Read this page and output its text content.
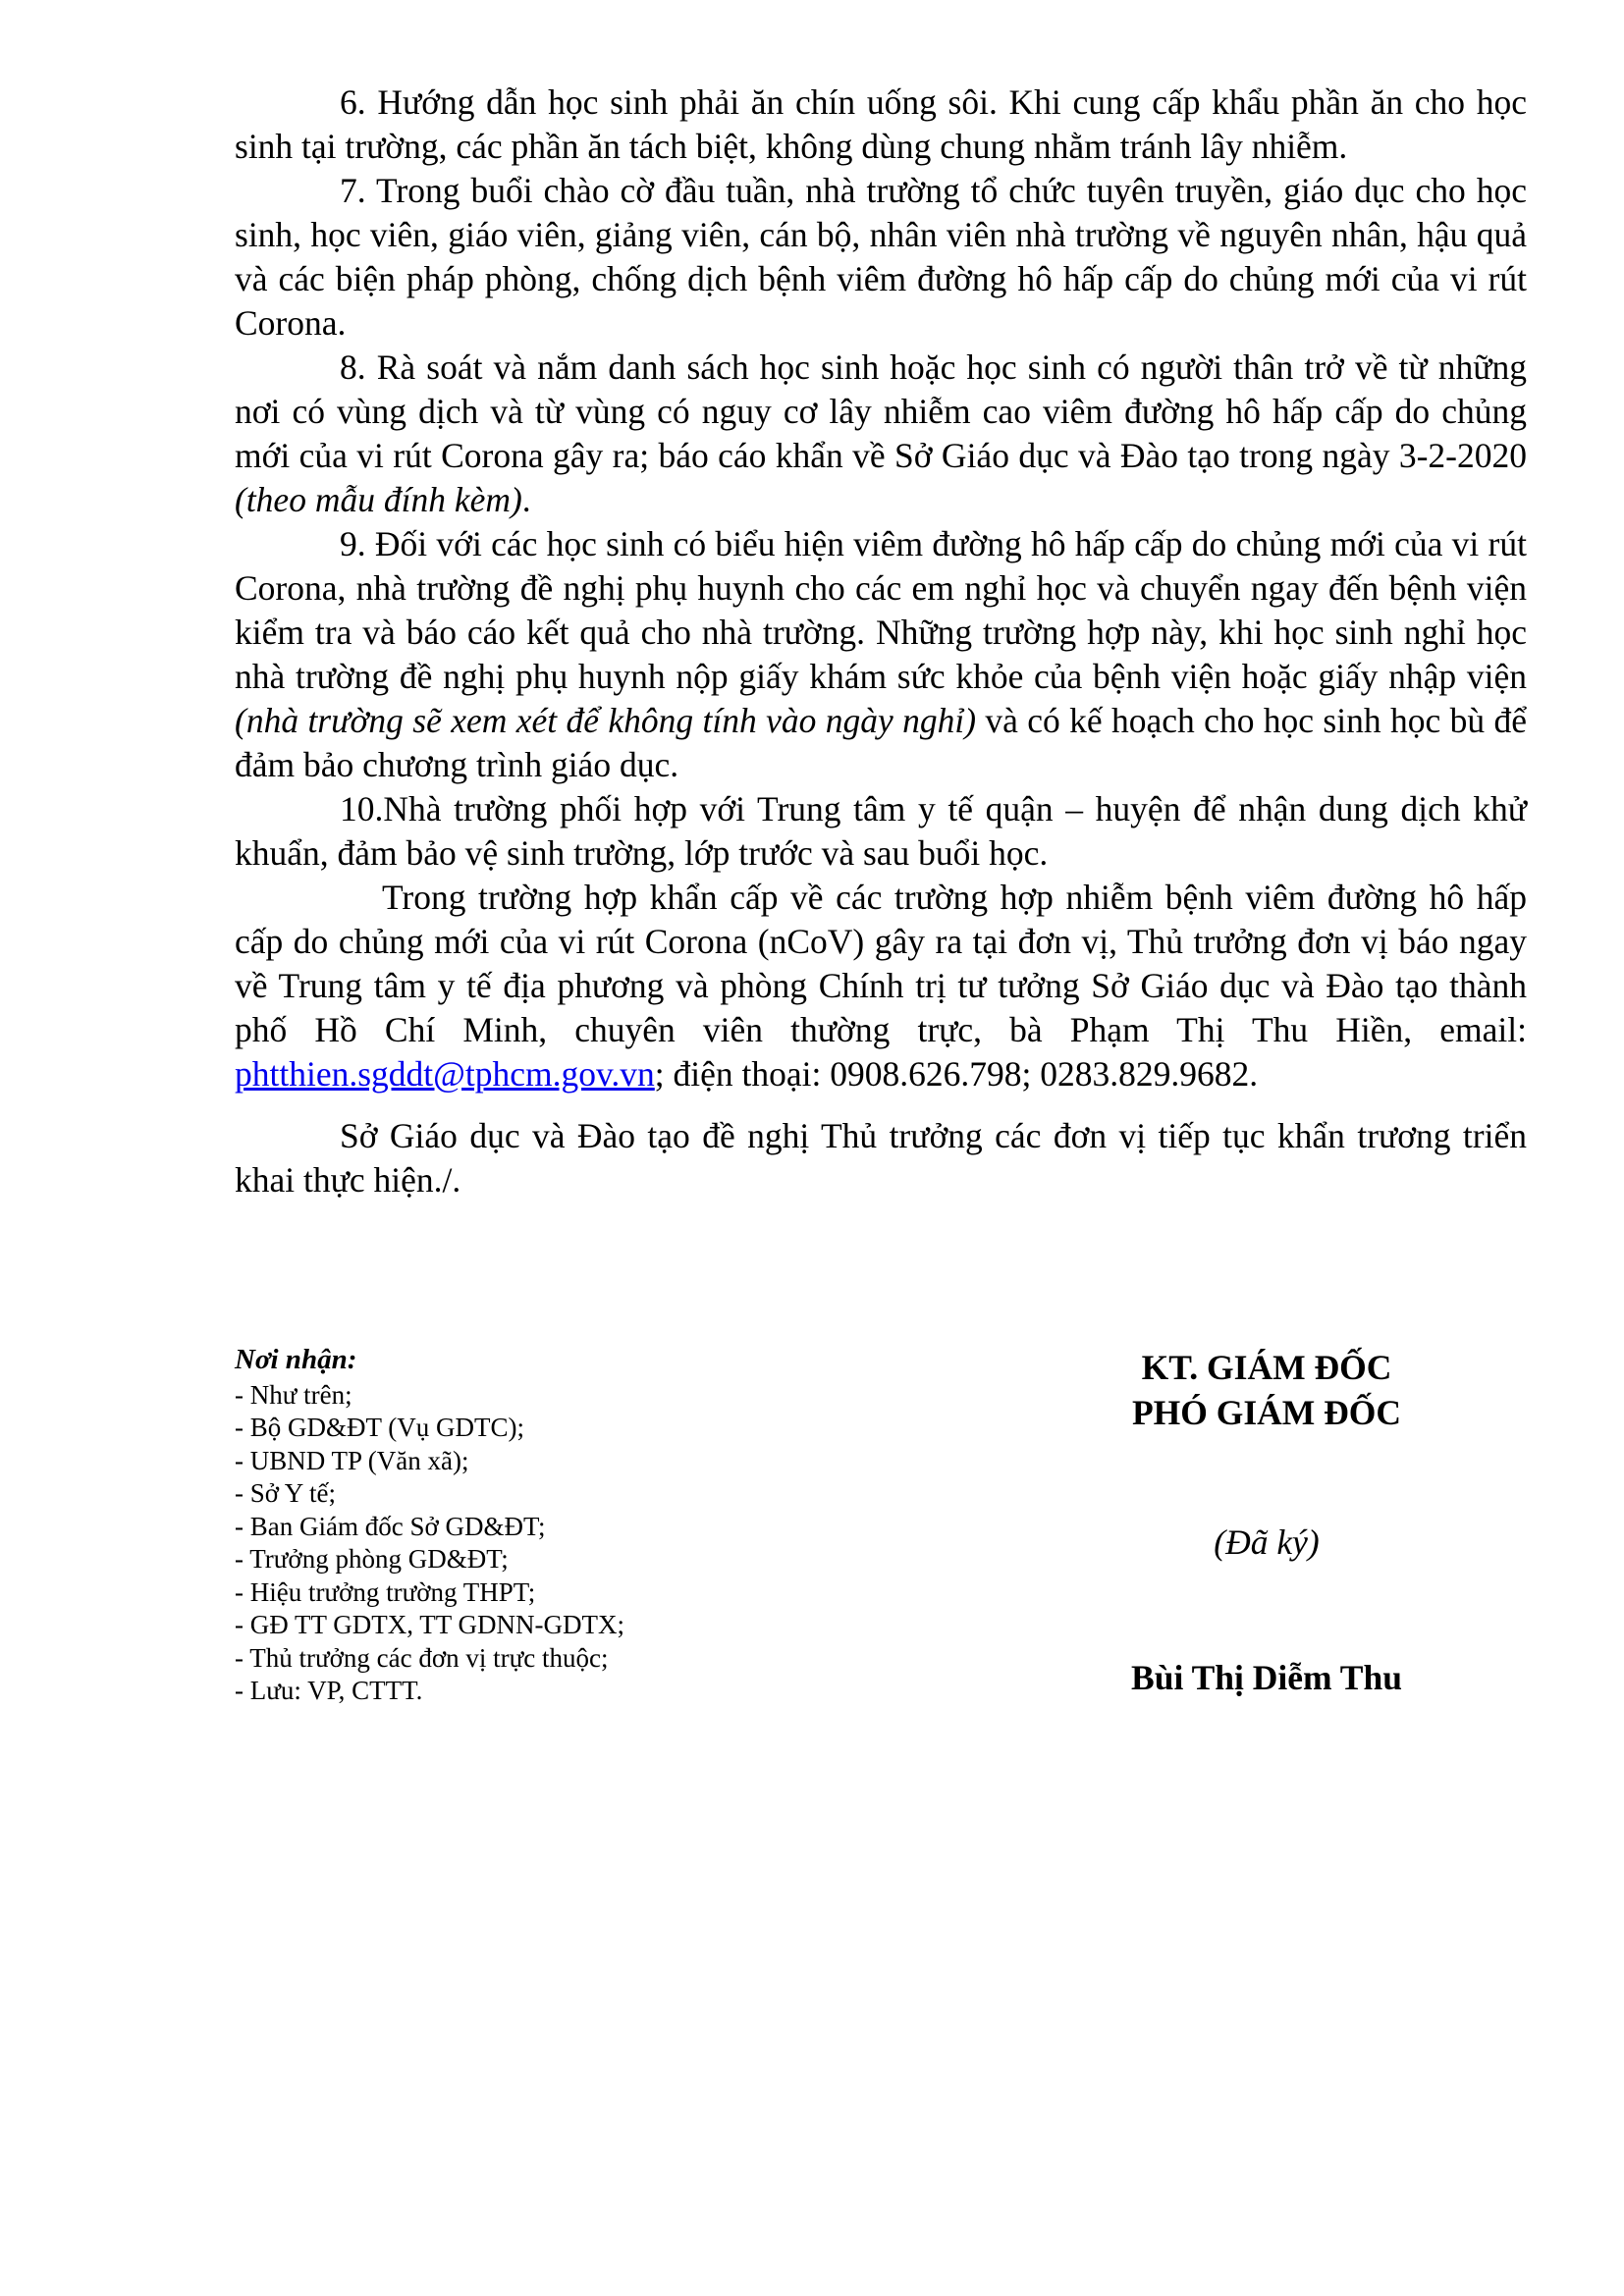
6. Hướng dẫn học sinh phải ăn chín uống sôi. Khi cung cấp khẩu phần ăn cho học sinh tại trường, các phần ăn tách biệt, không dùng chung nhằm tránh lây nhiễm.

7. Trong buổi chào cờ đầu tuần, nhà trường tổ chức tuyên truyền, giáo dục cho học sinh, học viên, giáo viên, giảng viên, cán bộ, nhân viên nhà trường về nguyên nhân, hậu quả và các biện pháp phòng, chống dịch bệnh viêm đường hô hấp cấp do chủng mới của vi rút Corona.

8. Rà soát và nắm danh sách học sinh hoặc học sinh có người thân trở về từ những nơi có vùng dịch và từ vùng có nguy cơ lây nhiễm cao viêm đường hô hấp cấp do chủng mới của vi rút Corona gây ra; báo cáo khẩn về Sở Giáo dục và Đào tạo trong ngày 3-2-2020 (theo mẫu đính kèm).

9. Đối với các học sinh có biểu hiện viêm đường hô hấp cấp do chủng mới của vi rút Corona, nhà trường đề nghị phụ huynh cho các em nghỉ học và chuyển ngay đến bệnh viện kiểm tra và báo cáo kết quả cho nhà trường. Những trường hợp này, khi học sinh nghỉ học nhà trường đề nghị phụ huynh nộp giấy khám sức khỏe của bệnh viện hoặc giấy nhập viện (nhà trường sẽ xem xét để không tính vào ngày nghỉ) và có kế hoạch cho học sinh học bù để đảm bảo chương trình giáo dục.

10.Nhà trường phối hợp với Trung tâm y tế quận – huyện để nhận dung dịch khử khuẩn, đảm bảo vệ sinh trường, lớp trước và sau buổi học.

Trong trường hợp khẩn cấp về các trường hợp nhiễm bệnh viêm đường hô hấp cấp do chủng mới của vi rút Corona (nCoV) gây ra tại đơn vị, Thủ trưởng đơn vị báo ngay về Trung tâm y tế địa phương và phòng Chính trị tư tưởng Sở Giáo dục và Đào tạo thành phố Hồ Chí Minh, chuyên viên thường trực, bà Phạm Thị Thu Hiền, email: phtthien.sgddt@tphcm.gov.vn; điện thoại: 0908.626.798; 0283.829.9682.

Sở Giáo dục và Đào tạo đề nghị Thủ trưởng các đơn vị tiếp tục khẩn trương triển khai thực hiện./.

Nơi nhận:

- Như trên;
- Bộ GD&ĐT (Vụ GDTC);
- UBND TP (Văn xã);
- Sở Y tế;
- Ban Giám đốc Sở GD&ĐT;
- Trưởng phòng GD&ĐT;
- Hiệu trưởng trường THPT;
- GĐ TT GDTX, TT GDNN-GDTX;
- Thủ trưởng các đơn vị trực thuộc;
- Lưu: VP, CTTT.

KT. GIÁM ĐỐC

PHÓ GIÁM ĐỐC

(Đã ký)

Bùi Thị Diễm Thu
